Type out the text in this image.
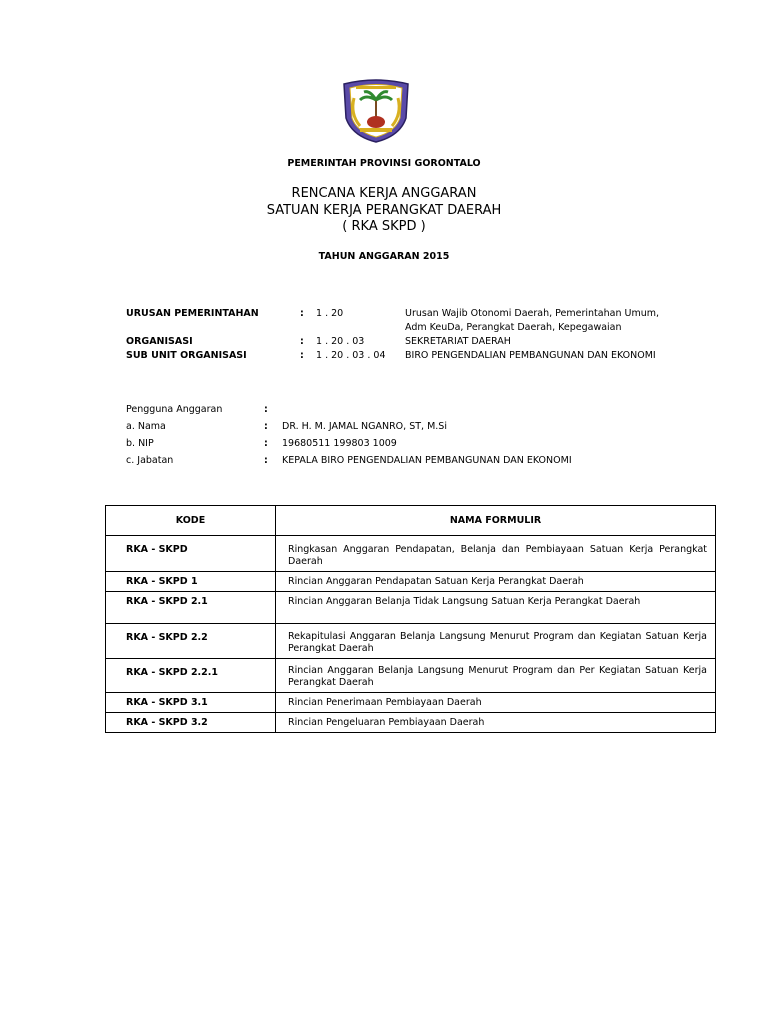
PEMERINTAH PROVINSI GORONTALO
RENCANA KERJA ANGGARAN
SATUAN KERJA PERANGKAT DAERAH
( RKA SKPD )
TAHUN ANGGARAN 2015
URUSAN PEMERINTAHAN	: 1 . 20	Urusan Wajib Otonomi Daerah, Pemerintahan Umum,
Adm KeuDa, Perangkat Daerah, Kepegawaian
ORGANISASI	: 1 . 20 . 03	SEKRETARIAT DAERAH
SUB UNIT ORGANISASI	: 1 . 20 . 03 . 04 BIRO PENGENDALIAN PEMBANGUNAN DAN EKONOMI
Pengguna Anggaran	:
a. Nama	: DR. H. M. JAMAL NGANRO, ST, M.Si
b. NIP	: 19680511 199803 1009
c. Jabatan	: KEPALA BIRO PENGENDALIAN PEMBANGUNAN DAN EKONOMI
KODE	NAMA FORMULIR
RKA - SKPD	Ringkasan Anggaran Pendapatan, Belanja dan Pembiayaan Satuan Kerja Perangkat Daerah
RKA - SKPD 1	Rincian Anggaran Pendapatan Satuan Kerja Perangkat Daerah
RKA - SKPD 2.1	Rincian Anggaran Belanja Tidak Langsung Satuan Kerja Perangkat Daerah
RKA - SKPD 2.2	Rekapitulasi Anggaran Belanja Langsung Menurut Program dan Kegiatan Satuan Kerja Perangkat Daerah
RKA - SKPD 2.2.1	Rincian Anggaran Belanja Langsung Menurut Program dan Per Kegiatan Satuan Kerja Perangkat Daerah
RKA - SKPD 3.1	Rincian Penerimaan Pembiayaan Daerah
RKA - SKPD 3.2	Rincian Pengeluaran Pembiayaan Daerah
